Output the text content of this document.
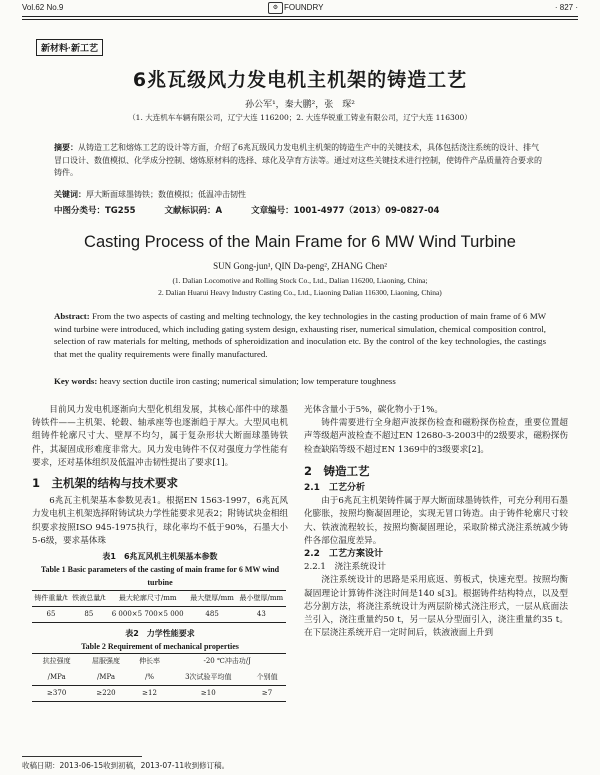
Vol.62 No.9	⚙ FOUNDRY	· 827 ·
新材料·新工艺
6兆瓦级风力发电机主机架的铸造工艺
孙公军¹，秦大鹏²，张　琛²
（1. 大连机车车辆有限公司，辽宁大连 116200；2. 大连华锐重工铸业有限公司，辽宁大连 116300）
摘要：从铸造工艺和熔炼工艺的设计等方面，介绍了6兆瓦级风力发电机主机架的铸造生产中的关键技术，具体包括浇注系统的设计、排气冒口设计、数值模拟、化学成分控制、熔炼原材料的选择、球化及孕育方法等。通过对这些关键技术进行控制，使铸件产品质量符合要求的铸件。
关键词：厚大断面球墨铸铁；数值模拟；低温冲击韧性
中图分类号：TG255	文献标识码：A	文章编号：1001-4977（2013）09-0827-04
Casting Process of the Main Frame for 6 MW Wind Turbine
SUN Gong-jun¹, QIN Da-peng², ZHANG Chen²
(1. Dalian Locomotive and Rolling Stock Co., Ltd., Dalian 116200, Liaoning, China;
2. Dalian Huarui Heavy Industry Casting Co., Ltd., Liaoning Dalian 116300, Liaoning, China)
Abstract: From the two aspects of casting and melting technology, the key technologies in the casting production of main frame of 6 MW wind turbine were introduced, which including gating system design, exhausting riser, numerical simulation, chemical composition control, selection of raw materials for melting, methods of spheroidization and inoculation etc. By the control of the key technologies, the castings that met the quality requirements were finally manufactured.
Key words: heavy section ductile iron casting; numerical simulation; low temperature toughness

目前风力发电机逐渐向大型化机组发展，其核心部件中的球墨铸铁件——主机架、轮毂、轴承座等也逐渐趋于厚大。大型风电机组铸件轮廓尺寸大、壁厚不均匀，属于复杂形状大断面球墨铸铁件，其凝固成形难度非常大。风力发电铸件不仅对强度力学性能有要求，还对基体组织及低温冲击韧性提出了要求[1]。

1　主机架的结构与技术要求

6兆瓦主机架基本参数见表1。根据EN 1563-1997，6兆瓦风力发电机主机架选择附铸试块力学性能要求见表2；附铸试块金相组织要求按照ISO 945-1975执行，球化率均不低于90%，石墨大小5-6级，要求基体珠

表1　6兆瓦风机主机架基本参数
Table 1 Basic parameters of the casting of main frame for 6 MW wind turbine
铸件重量/t	铁液总量/t	最大轮廓尺寸/mm	最大壁厚/mm	最小壁厚/mm
65	85	6 000×5 700×5 000	485	43
表2　力学性能要求
Table 2 Requirement of mechanical properties
抗拉强度	屈服强度	伸长率	-20 ℃冲击功/J	
/MPa	/MPa	/%	3次试验平均值	个别值
≥370	≥220	≥12	≥10	≥7

光体含量小于5%，碳化物小于1%。

铸件需要进行全身超声波探伤检查和磁粉探伤检查，重要位置超声等级超声波检查不超过EN 12680-3-2003中的2级要求，磁粉探伤检查缺陷等级不超过EN 1369中的3级要求[2]。

2　铸造工艺
2.1　工艺分析

由于6兆瓦主机架铸件属于厚大断面球墨铸铁件，可充分利用石墨化膨胀，按照均衡凝固理论，实现无冒口铸造。由于铸件轮廓尺寸较大、铁液流程较长，按照均衡凝固理论，采取阶梯式浇注系统减少铸件各部位温度差异。

2.2　工艺方案设计
2.2.1　浇注系统设计

浇注系统设计的思路是采用底返、剪板式，快速充型。按照均衡凝固理论计算铸件浇注时间是140 s[3]。根据铸件结构特点，以及型芯分割方法，将浇注系统设计为两层阶梯式浇注形式，一层从底面法兰引入，浇注重量约50 t，另一层从分型面引入，浇注重量约35 t。在下层浇注系统开启一定时间后，铁液液面上升到

收稿日期：2013-06-15收到初稿，2013-07-11收到修订稿。
